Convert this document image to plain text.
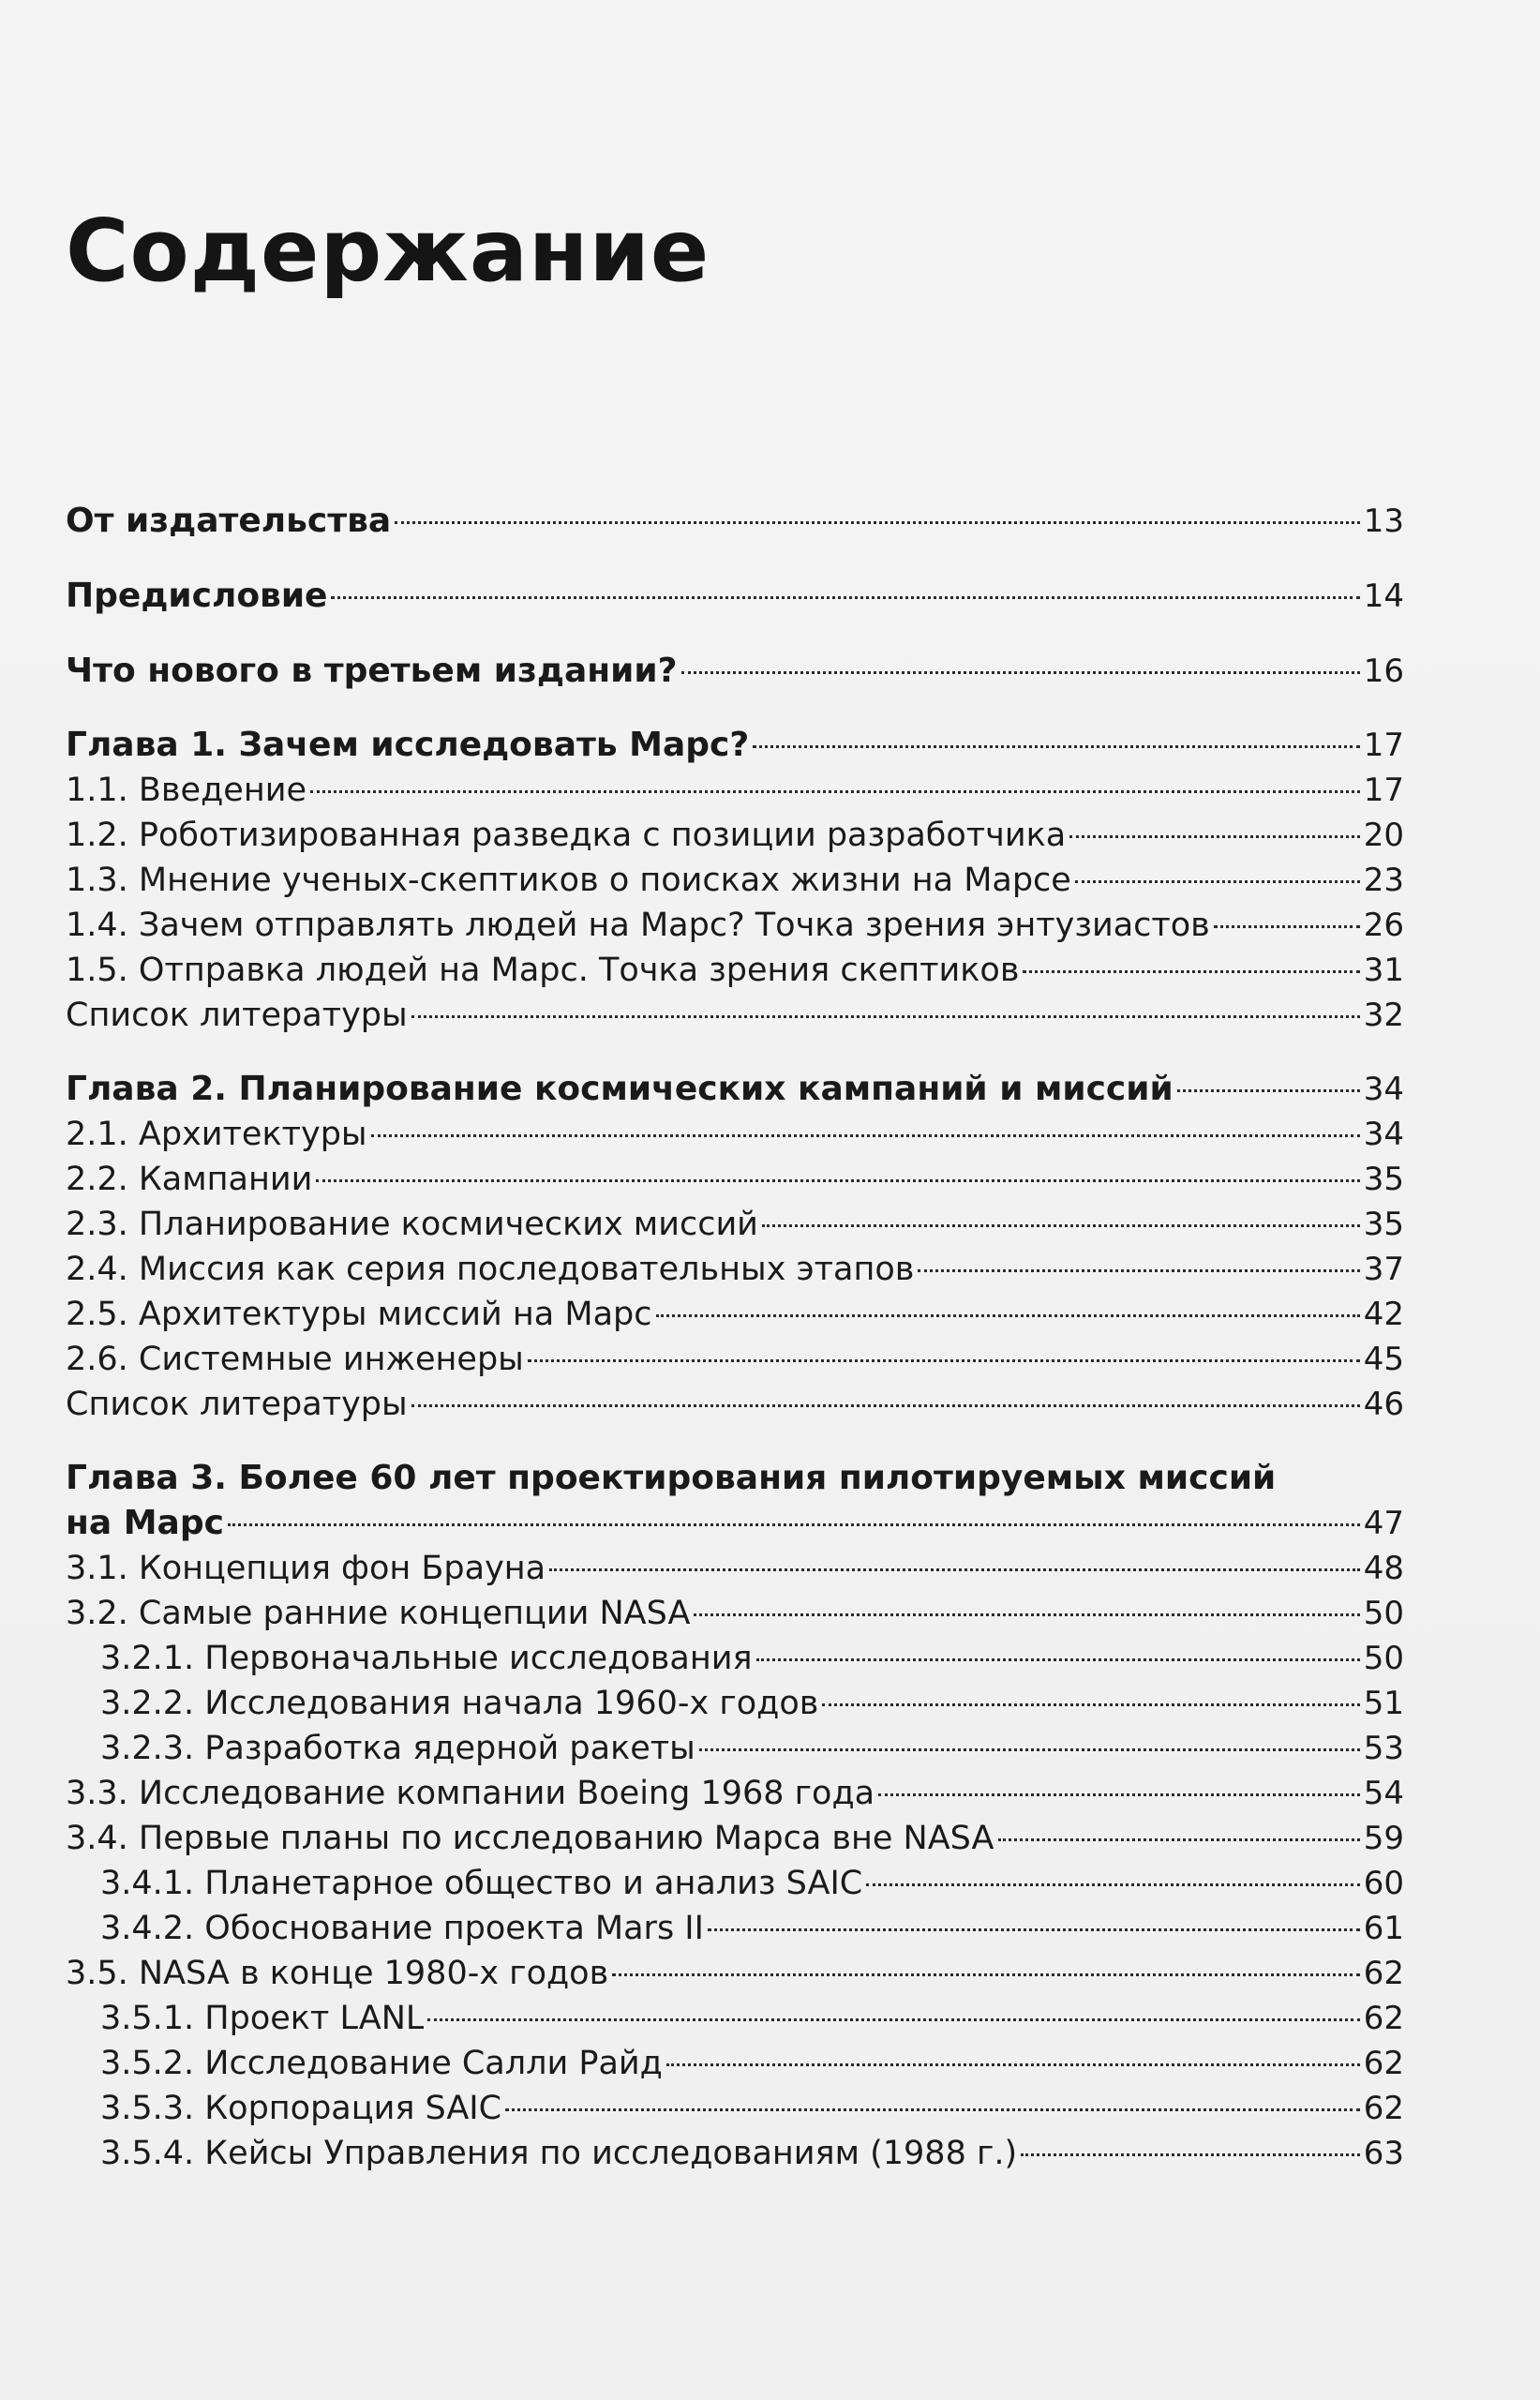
Содержание
От издательства	13
Предисловие	14
Что нового в третьем издании?	16
Глава 1. Зачем исследовать Марс?	17
1.1. Введение	17
1.2. Роботизированная разведка с позиции разработчика	20
1.3. Мнение ученых-скептиков о поисках жизни на Марсе	23
1.4. Зачем отправлять людей на Марс? Точка зрения энтузиастов	26
1.5. Отправка людей на Марс. Точка зрения скептиков	31
Список литературы	32
Глава 2. Планирование космических кампаний и миссий	34
2.1. Архитектуры	34
2.2. Кампании	35
2.3. Планирование космических миссий	35
2.4. Миссия как серия последовательных этапов	37
2.5. Архитектуры миссий на Марс	42
2.6. Системные инженеры	45
Список литературы	46
Глава 3. Более 60 лет проектирования пилотируемых миссий
на Марс	47
3.1. Концепция фон Брауна	48
3.2. Самые ранние концепции NASA	50
3.2.1. Первоначальные исследования	50
3.2.2. Исследования начала 1960-х годов	51
3.2.3. Разработка ядерной ракеты	53
3.3. Исследование компании Boeing 1968 года	54
3.4. Первые планы по исследованию Марса вне NASA	59
3.4.1. Планетарное общество и анализ SAIC	60
3.4.2. Обоснование проекта Mars II	61
3.5. NASA в конце 1980-х годов	62
3.5.1. Проект LANL	62
3.5.2. Исследование Салли Райд	62
3.5.3. Корпорация SAIC	62
3.5.4. Кейсы Управления по исследованиям (1988 г.)	63
